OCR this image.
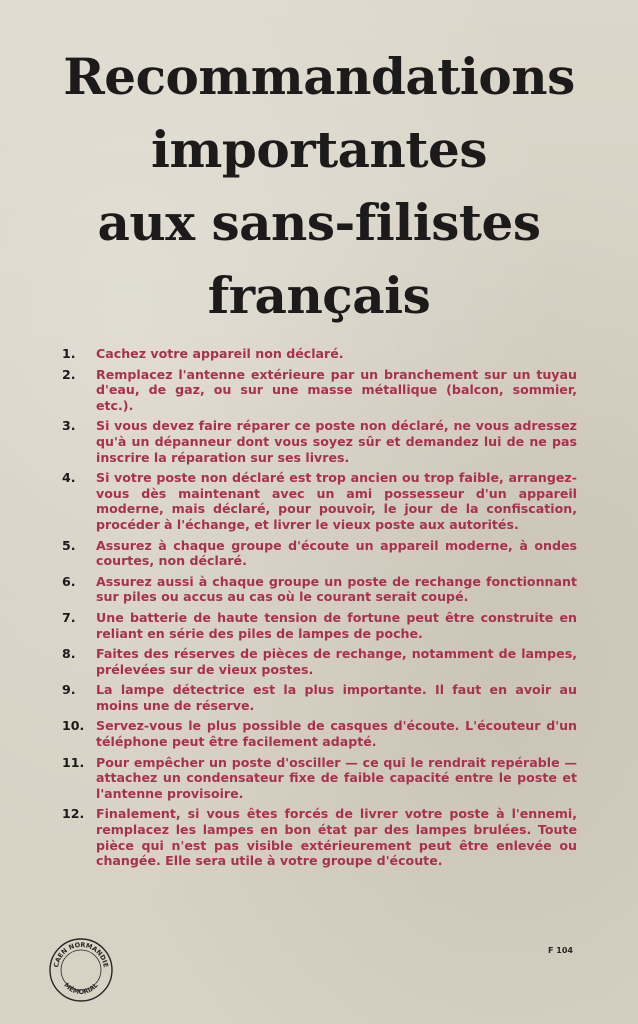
Recommandations
importantes
aux sans-filistes
français
1.	Cachez votre appareil non déclaré.
2.	Remplacez l'antenne extérieure par un branchement sur un tuyau d'eau, de gaz, ou sur une masse métallique (balcon, sommier, etc.).
3.	Si vous devez faire réparer ce poste non déclaré, ne vous adressez qu'à un dépanneur dont vous soyez sûr et demandez lui de ne pas inscrire la réparation sur ses livres.
4.	Si votre poste non déclaré est trop ancien ou trop faible, arrangez-vous dès maintenant avec un ami possesseur d'un appareil moderne, mais déclaré, pour pouvoir, le jour de la confiscation, procéder à l'échange, et livrer le vieux poste aux autorités.
5.	Assurez à chaque groupe d'écoute un appareil moderne, à ondes courtes, non déclaré.
6.	Assurez aussi à chaque groupe un poste de rechange fonctionnant sur piles ou accus au cas où le courant serait coupé.
7.	Une batterie de haute tension de fortune peut être construite en reliant en série des piles de lampes de poche.
8.	Faites des réserves de pièces de rechange, notamment de lampes, prélevées sur de vieux postes.
9.	La lampe détectrice est la plus importante. Il faut en avoir au moins une de réserve.
10. Servez-vous le plus possible de casques d'écoute. L'écouteur d'un téléphone peut être facilement adapté.
11. Pour empêcher un poste d'osciller — ce qui le rendrait repérable — attachez un condensateur fixe de faible capacité entre le poste et l'antenne provisoire.
12. Finalement, si vous êtes forcés de livrer votre poste à l'ennemi, remplacez les lampes en bon état par des lampes brulées. Toute pièce qui n'est pas visible extérieurement peut être enlevée ou changée. Elle sera utile à votre groupe d'écoute.
CAEN NORMANDIE
MÉMORIAL
F 104
